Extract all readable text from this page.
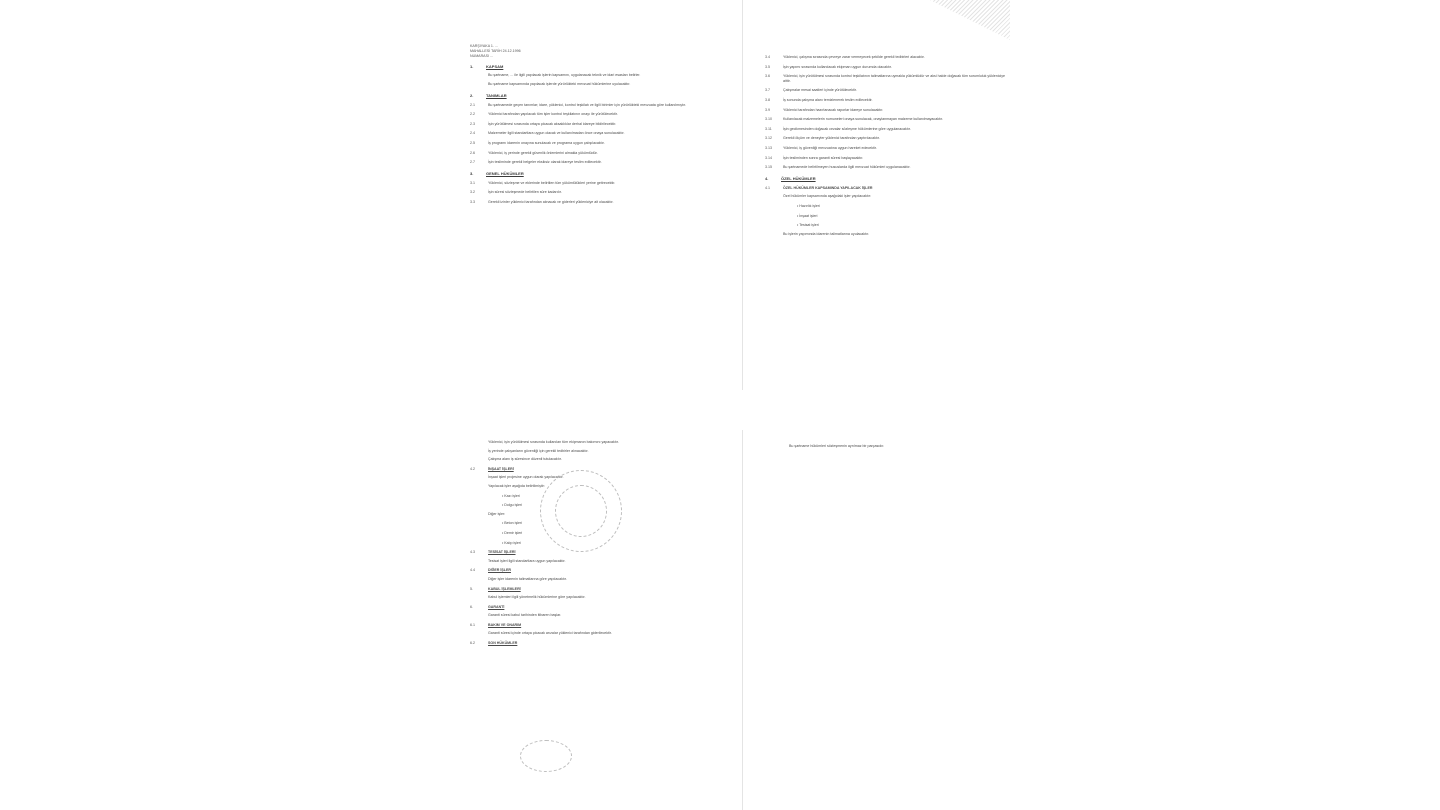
KARŞIYAKA 1. ...
MAHALLESİ TARİH 24.12.1996
NUMARASI ...
1.	KAPSAM
Bu şartname, ... ile ilgili yapılacak işlerin kapsamını, uygulanacak teknik ve idari esasları belirler.
Bu şartname kapsamında yapılacak işlerde yürürlükteki mevzuat hükümlerine uyulacaktır.
2.	TANIMLAR
2.1	Bu şartnamede geçen tanımlar; idare, yüklenici, kontrol teşkilatı ve ilgili birimler için yürürlükteki mevzuata göre kullanılmıştır.
2.2	Yüklenici tarafından yapılacak tüm işler kontrol teşkilatının onayı ile yürütülecektir.
2.3	İşin yürütülmesi sırasında ortaya çıkacak aksaklıklar derhal idareye bildirilecektir.
2.4	Malzemeler ilgili standartlara uygun olacak ve kullanılmadan önce onaya sunulacaktır.
2.5	İş programı idarenin onayına sunulacak ve programa uygun çalışılacaktır.
2.6	Yüklenici, iş yerinde gerekli güvenlik önlemlerini almakla yükümlüdür.
2.7	İşin tesliminde gerekli belgeler eksiksiz olarak idareye teslim edilecektir.
3.	GENEL HÜKÜMLER
3.1	Yüklenici, sözleşme ve eklerinde belirtilen tüm yükümlülükleri yerine getirecektir.
3.2	İşin süresi sözleşmede belirtilen süre kadardır.
3.3	Gerekli izinler yüklenici tarafından alınacak ve giderleri yükleniciye ait olacaktır.
3.4	Yüklenici, çalışma sırasında çevreye zarar vermeyecek şekilde gerekli tedbirleri alacaktır.
3.5	İşin yapımı sırasında kullanılacak ekipman uygun durumda olacaktır.
3.6	Yüklenici, işin yürütülmesi sırasında kontrol teşkilatının talimatlarına uymakla yükümlüdür ve aksi halde doğacak tüm sorumluluk yükleniciye aittir.
3.7	Çalışmalar mesai saatleri içinde yürütülecektir.
3.8	İş sonunda çalışma alanı temizlenerek teslim edilecektir.
3.9	Yüklenici tarafından hazırlanacak raporlar idareye sunulacaktır.
3.10	Kullanılacak malzemelerin numuneleri onaya sunulacak, onaylanmayan malzeme kullanılmayacaktır.
3.11	İşin gecikmesinden doğacak cezalar sözleşme hükümlerine göre uygulanacaktır.
3.12	Gerekli ölçüm ve deneyler yüklenici tarafından yaptırılacaktır.
3.13	Yüklenici, iş güvenliği mevzuatına uygun hareket edecektir.
3.14	İşin tesliminden sonra garanti süresi başlayacaktır.
3.15	Bu şartnamede belirtilmeyen hususlarda ilgili mevzuat hükümleri uygulanacaktır.
4.	ÖZEL HÜKÜMLER
4.1	ÖZEL HÜKÜMLER KAPSAMINDA YAPILACAK İŞLER
Özel hükümler kapsamında aşağıdaki işler yapılacaktır:
• Hazırlık işleri
• İnşaat işleri
• Tesisat işleri
Bu işlerin yapımında idarenin talimatlarına uyulacaktır.
Yüklenici, işin yürütülmesi sırasında kullanılan tüm ekipmanın bakımını yapacaktır.
İş yerinde çalışanların güvenliği için gerekli tedbirler alınacaktır.
Çalışma alanı iş süresince düzenli tutulacaktır.
4.2	İNŞAAT İŞLERİ
İnşaat işleri projesine uygun olarak yapılacaktır.
Yapılacak işler aşağıda belirtilmiştir:
• Kazı işleri
• Dolgu işleri
Diğer işler:
• Beton işleri
• Demir işleri
• Kalıp işleri
4.3	TESİSAT İŞLERİ
Tesisat işleri ilgili standartlara uygun yapılacaktır.
4.4	DİĞER İŞLER
Diğer işler idarenin talimatlarına göre yapılacaktır.
5.	KABUL İŞLEMLERİ
Kabul işlemleri ilgili yönetmelik hükümlerine göre yapılacaktır.
6.	GARANTİ
Garanti süresi kabul tarihinden itibaren başlar.
6.1	BAKIM VE ONARIM
Garanti süresi içinde ortaya çıkacak arızalar yüklenici tarafından giderilecektir.
6.2	SON HÜKÜMLER
Bu şartname hükümleri sözleşmenin ayrılmaz bir parçasıdır.
